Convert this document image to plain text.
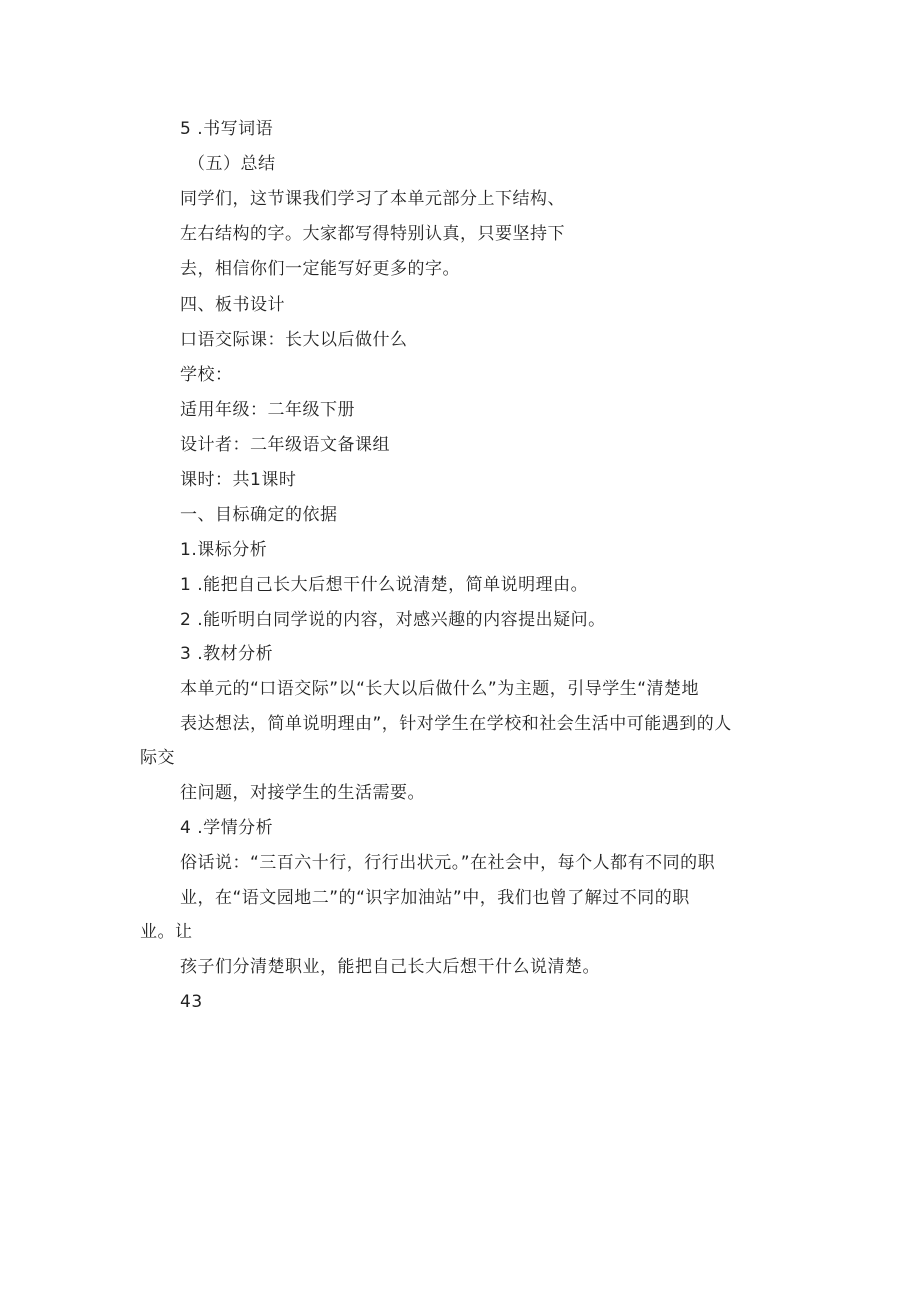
5 .书写词语
（五）总结
同学们，这节课我们学习了本单元部分上下结构、
左右结构的字。大家都写得特别认真，只要坚持下
去，相信你们一定能写好更多的字。
四、板书设计
口语交际课：长大以后做什么
学校：
适用年级：二年级下册
设计者：二年级语文备课组
课时：共1课时
一、目标确定的依据
1.课标分析
1 .能把自己长大后想干什么说清楚，简单说明理由。
2 .能听明白同学说的内容，对感兴趣的内容提出疑问。
3 .教材分析
本单元的“口语交际”以“长大以后做什么”为主题，引导学生“清楚地
表达想法，简单说明理由”，针对学生在学校和社会生活中可能遇到的人
际交
往问题，对接学生的生活需要。
4 .学情分析
俗话说：“三百六十行，行行出状元。”在社会中，每个人都有不同的职
业，在“语文园地二”的“识字加油站”中，我们也曾了解过不同的职
业。让
孩子们分清楚职业，能把自己长大后想干什么说清楚。
43
